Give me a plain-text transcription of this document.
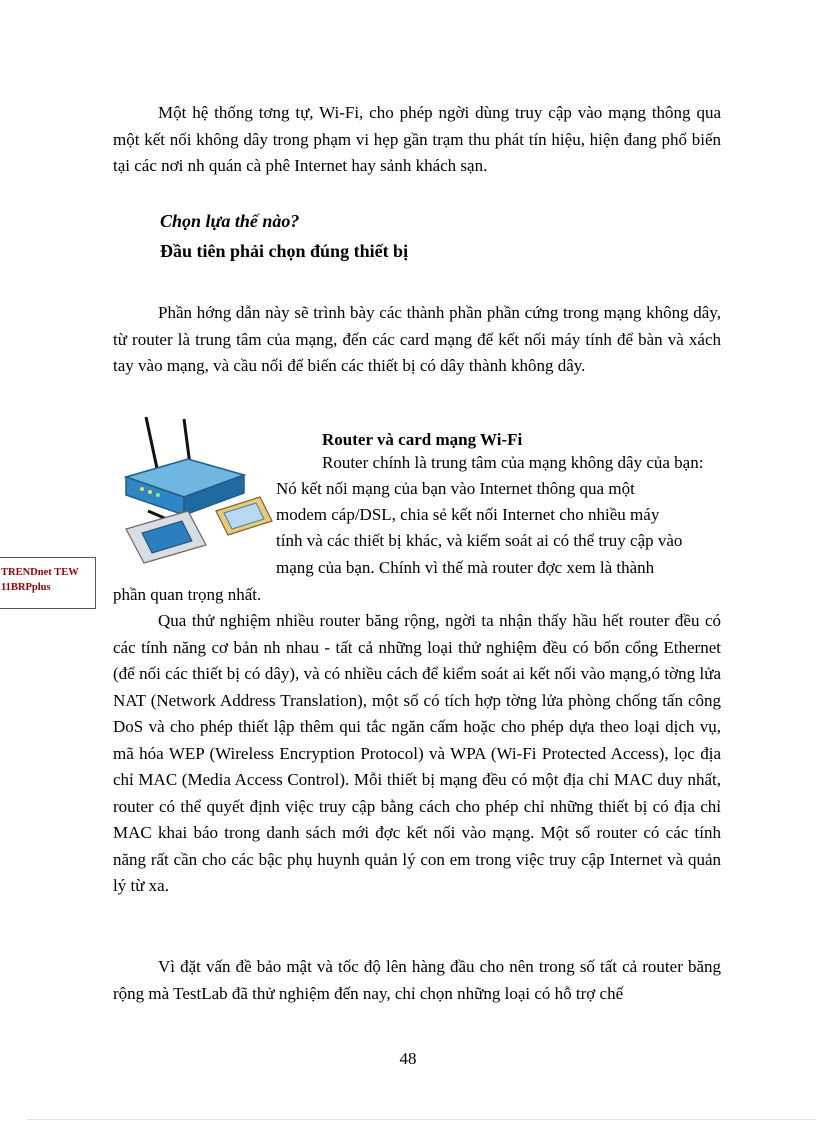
Một hệ thống tơng tự, Wi-Fi, cho phép ngời dùng truy cập vào mạng thông qua một kết nối không dây trong phạm vi hẹp gần trạm thu phát tín hiệu, hiện đang phổ biến tại các nơi nh quán cà phê Internet hay sảnh khách sạn.

Chọn lựa thế nào?

Đầu tiên phải chọn đúng thiết bị

Phần hớng dẫn này sẽ trình bày các thành phần phần cứng trong mạng không dây, từ router là trung tâm của mạng, đến các card mạng để kết nối máy tính để bàn và xách tay vào mạng, và cầu nối để biến các thiết bị có dây thành không dây.

TRENDnet TEW
11BRPplus

Router và card mạng Wi-Fi

Router chính là trung tâm của mạng không dây của bạn:

Nó kết nối mạng của bạn vào Internet thông qua một

modem cáp/DSL, chia sẻ kết nối Internet cho nhiều máy

tính và các thiết bị khác, và kiểm soát ai có thể truy cập vào

mạng của bạn. Chính vì thế mà router đợc xem là thành

phần quan trọng nhất.

Qua thử nghiệm nhiều router băng rộng, ngời ta nhận thấy hầu hết router đều có các tính năng cơ bản nh nhau - tất cả những loại thử nghiệm đều có bốn cổng Ethernet (để nối các thiết bị có dây), và có nhiều cách để kiểm soát ai kết nối vào mạng,ó tờng lửa NAT (Network Address Translation), một số có tích hợp tờng lửa phòng chống tấn công DoS và cho phép thiết lập thêm qui tắc ngăn cấm hoặc cho phép dựa theo loại dịch vụ, mã hóa WEP (Wireless Encryption Protocol) và WPA (Wi-Fi Protected Access), lọc địa chỉ MAC (Media Access Control). Mỗi thiết bị mạng đều có một địa chỉ MAC duy nhất, router có thể quyết định việc truy cập bằng cách cho phép chỉ những thiết bị có địa chỉ MAC khai báo trong danh sách mới đợc kết nối vào mạng. Một số router có các tính năng rất cần cho các bậc phụ huynh quản lý con em trong việc truy cập Internet và quản lý từ xa.

Vì đặt vấn đề bảo mật và tốc độ lên hàng đầu cho nên trong số tất cả router băng rộng mà TestLab đã thử nghiệm đến nay, chỉ chọn những loại có hỗ trợ chế

48
